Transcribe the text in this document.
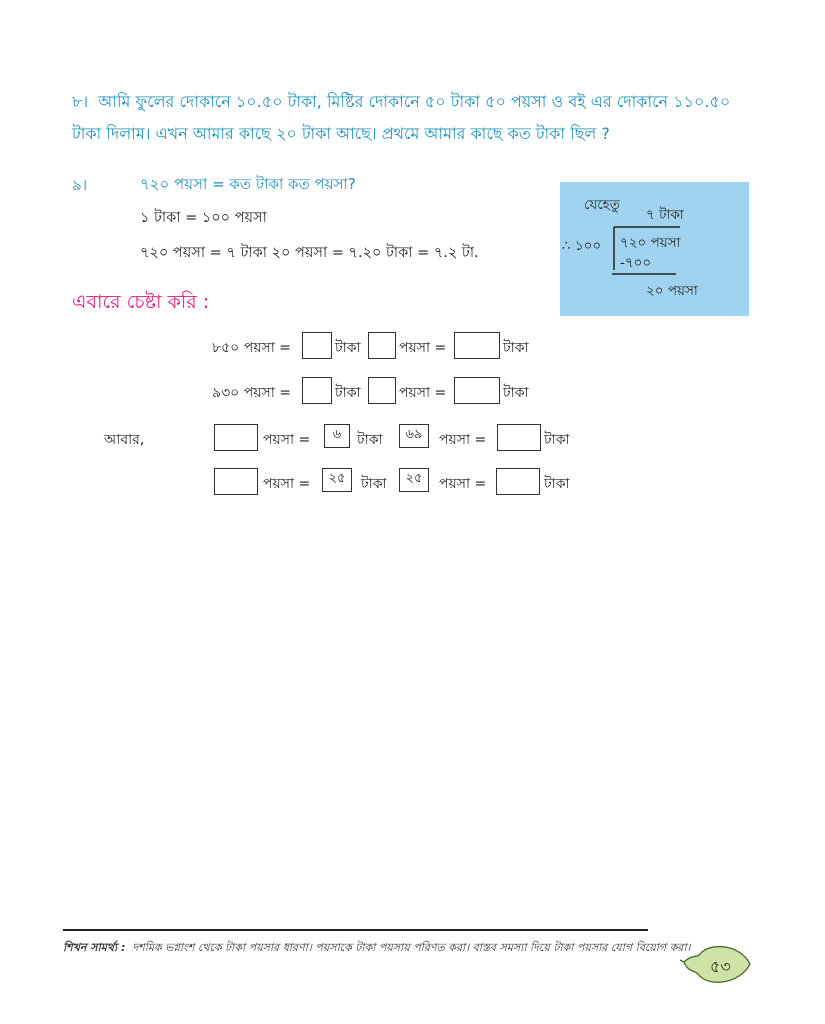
৮। আমি ফুলের দোকানে ১০.৫০ টাকা, মিষ্টির দোকানে ৫০ টাকা ৫০ পয়সা ও বই এর দোকানে ১১০.৫০ টাকা দিলাম। এখন আমার কাছে ২০ টাকা আছে। প্রথমে আমার কাছে কত টাকা ছিল ?
৯।	৭২০ পয়সা = কত টাকা কত পয়সা?
১ টাকা = ১০০ পয়সা
৭২০ পয়সা = ৭ টাকা ২০ পয়সা = ৭.২০ টাকা = ৭.২ টা.
যেহেতু
৭ টাকা
∴ ১০০ ৭২০ পয়সা
-৭০০
২০ পয়সা
এবারে চেষ্টা করি :
৮৫০ পয়সা =	টাকা	পয়সা =	টাকা
৯৩০ পয়সা =	টাকা	পয়সা =	টাকা
আবার,	পয়সা =	৬	টাকা	৬৯	পয়সা =	টাকা
পয়সা =	২৫	টাকা	২৫	পয়সা =	টাকা
শিখন সামর্থ্য : দশমিক ভগ্নাংশ থেকে টাকা পয়সার ধারণা। পয়সাকে টাকা পয়সায় পরিণত করা। বাস্তব সমস্যা দিয়ে টাকা পয়সার যোগ বিয়োগ করা।
৫৩
